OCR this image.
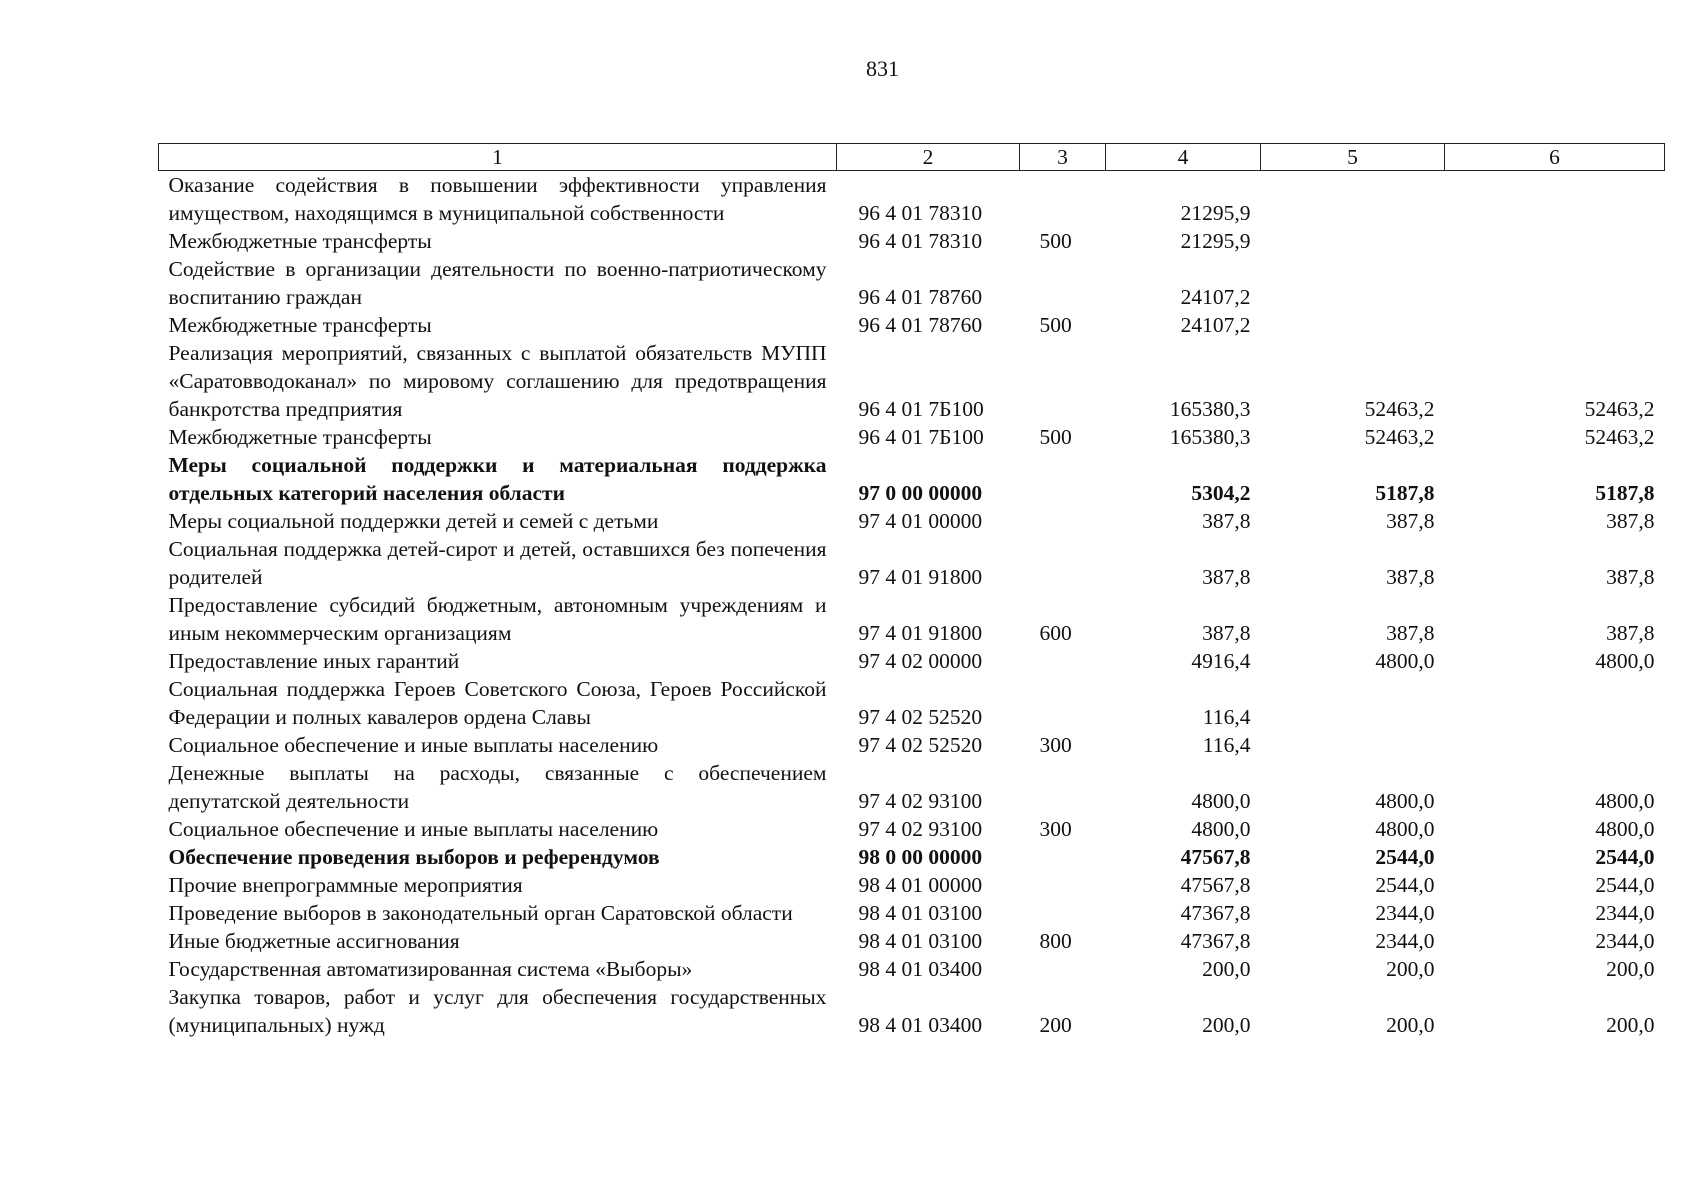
831
1	2	3	4	5	6
Оказание содействия в повышении эффективности управления имуществом, находящимся в муниципальной собственности	96 4 01 78310		21295,9		
Межбюджетные трансферты	96 4 01 78310	500	21295,9		
Содействие в организации деятельности по военно-патриотическому воспитанию граждан	96 4 01 78760		24107,2		
Межбюджетные трансферты	96 4 01 78760	500	24107,2		
Реализация мероприятий, связанных с выплатой обязательств МУПП «Саратовводоканал» по мировому соглашению для предотвращения банкротства предприятия	96 4 01 7Б100		165380,3	52463,2	52463,2
Межбюджетные трансферты	96 4 01 7Б100	500	165380,3	52463,2	52463,2
Меры социальной поддержки и материальная поддержка отдельных категорий населения области	97 0 00 00000		5304,2	5187,8	5187,8
Меры социальной поддержки детей и семей с детьми	97 4 01 00000		387,8	387,8	387,8
Социальная поддержка детей-сирот и детей, оставшихся без попечения родителей	97 4 01 91800		387,8	387,8	387,8
Предоставление субсидий бюджетным, автономным учреждениям и иным некоммерческим организациям	97 4 01 91800	600	387,8	387,8	387,8
Предоставление иных гарантий	97 4 02 00000		4916,4	4800,0	4800,0
Социальная поддержка Героев Советского Союза, Героев Российской Федерации и полных кавалеров ордена Славы	97 4 02 52520		116,4		
Социальное обеспечение и иные выплаты населению	97 4 02 52520	300	116,4		
Денежные выплаты на расходы, связанные с обеспечением депутатской деятельности	97 4 02 93100		4800,0	4800,0	4800,0
Социальное обеспечение и иные выплаты населению	97 4 02 93100	300	4800,0	4800,0	4800,0
Обеспечение проведения выборов и референдумов	98 0 00 00000		47567,8	2544,0	2544,0
Прочие внепрограммные мероприятия	98 4 01 00000		47567,8	2544,0	2544,0
Проведение выборов в законодательный орган Саратовской области	98 4 01 03100		47367,8	2344,0	2344,0
Иные бюджетные ассигнования	98 4 01 03100	800	47367,8	2344,0	2344,0
Государственная автоматизированная система «Выборы»	98 4 01 03400		200,0	200,0	200,0
Закупка товаров, работ и услуг для обеспечения государственных (муниципальных) нужд	98 4 01 03400	200	200,0	200,0	200,0
